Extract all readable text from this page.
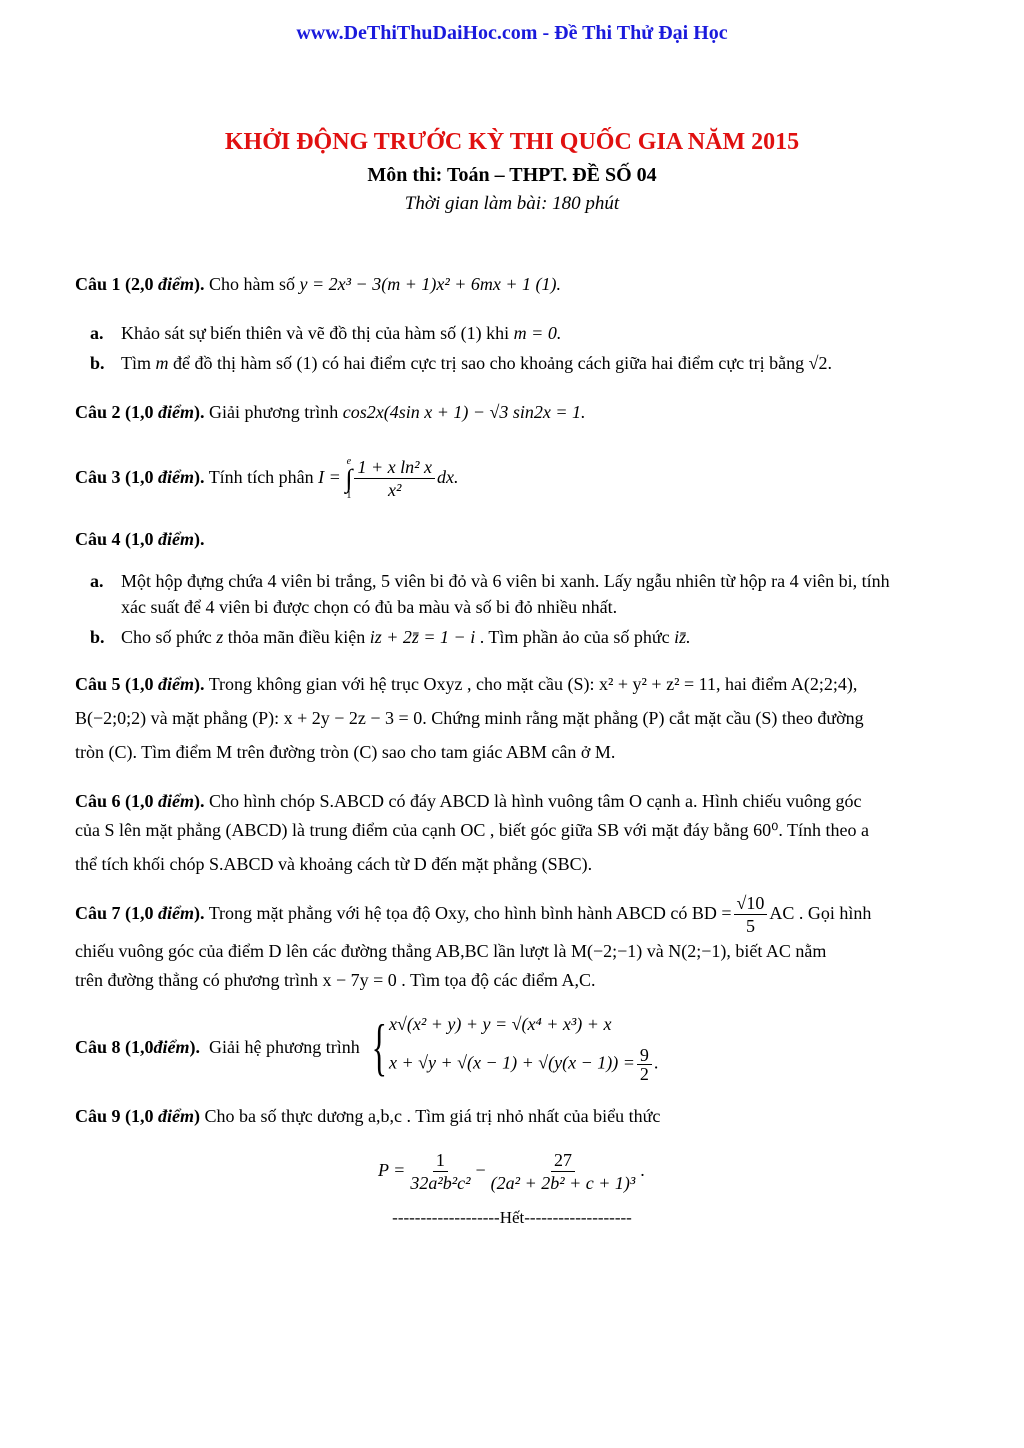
www.DeThiThuDaiHoc.com - Đề Thi Thử Đại Học
KHỞI ĐỘNG TRƯỚC KỲ THI QUỐC GIA NĂM 2015
Môn thi: Toán – THPT. ĐỀ SỐ 04
Thời gian làm bài: 180 phút
Câu 1 (2,0 điểm). Cho hàm số y = 2x³ − 3(m + 1)x² + 6mx + 1 (1).
a. Khảo sát sự biến thiên và vẽ đồ thị của hàm số (1) khi m = 0.
b. Tìm m để đồ thị hàm số (1) có hai điểm cực trị sao cho khoảng cách giữa hai điểm cực trị bằng √2.
Câu 2 (1,0 điểm). Giải phương trình cos2x(4sin x + 1) − √3 sin2x = 1.
Câu 3 (1,0 điểm). Tính tích phân I =
e
∫
$1 \frac{\text{1 + x ln² x}}{\text{x²}}$ dx.
Câu 4 (1,0 điểm).
a. Một hộp đựng chứa 4 viên bi trắng, 5 viên bi đỏ và 6 viên bi xanh. Lấy ngẫu nhiên từ hộp ra 4 viên bi, tính
xác suất để 4 viên bi được chọn có đủ ba màu và số bi đỏ nhiều nhất.
b. Cho số phức z thỏa mãn điều kiện iz + 2z̄ = 1 − i . Tìm phần ảo của số phức iz̄.
Câu 5 (1,0 điểm). Trong không gian với hệ trục Oxyz , cho mặt cầu (S): x² + y² + z² = 11, hai điểm A(2;2;4),
B(−2;0;2) và mặt phẳng (P): x + 2y − 2z − 3 = 0. Chứng minh rằng mặt phẳng (P) cắt mặt cầu (S) theo đường
tròn (C). Tìm điểm M trên đường tròn (C) sao cho tam giác ABM cân ở M.
Câu 6 (1,0 điểm). Cho hình chóp S.ABCD có đáy ABCD là hình vuông tâm O cạnh a. Hình chiếu vuông góc
của S lên mặt phẳng (ABCD) là trung điểm của cạnh OC , biết góc giữa SB với mặt đáy bằng 60⁰. Tính theo a
thể tích khối chóp S.ABCD và khoảng cách từ D đến mặt phẳng (SBC).
Câu 7 (1,0 điểm). Trong mặt phẳng với hệ tọa độ Oxy, cho hình bình hành ABCD có BD = $\frac{√10}{5}$ AC . Gọi hình
chiếu vuông góc của điểm D lên các đường thẳng AB,BC lần lượt là M(−2;−1) và N(2;−1), biết AC nằm
trên đường thẳng có phương trình x − 7y = 0 . Tìm tọa độ các điểm A,C.
Câu 8 (1,0 điểm ). Giải hệ phương trình { x√(x² + y) + y = √(x⁴ + x³) + x
$x + √y + √(x - 1) + √(y(x - 1)) = \frac{9}{2}$ .
Câu 9 (1,0 điểm) Cho ba số thực dương a,b,c . Tìm giá trị nhỏ nhất của biểu thức
$P = \frac{1}{\text{32a²b²c²}} - \frac{27}{\text{(2a² + 2b² + c + 1)³}}$ .
-------------------Hết-------------------
